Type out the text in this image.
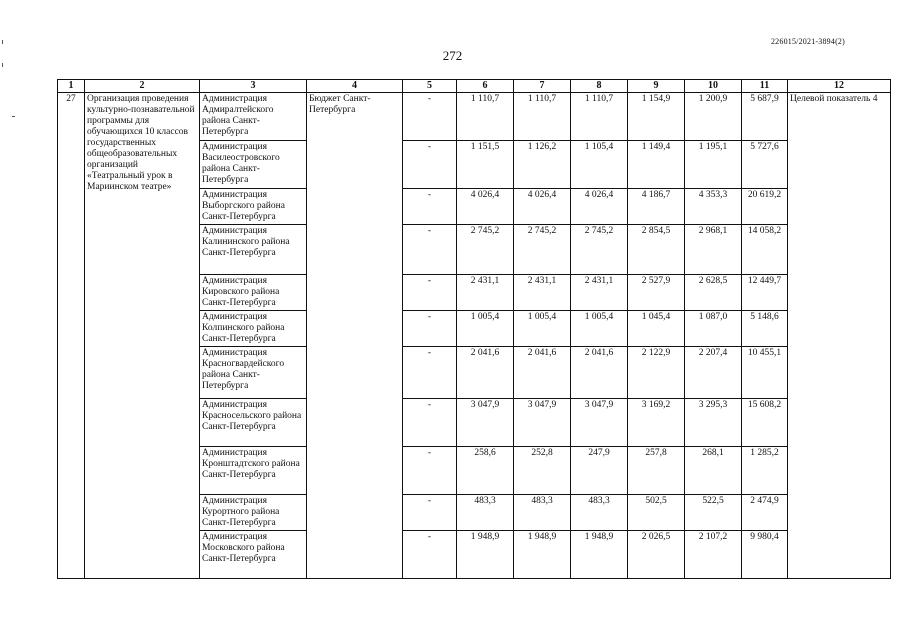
226015/2021-3894(2)
272
1	2	3	4	5	6	7	8	9	10	11	12
27	Организация проведения культурно-познавательной программы для обучающихся 10 классов государственных общеобразовательных организаций «Театральный урок в Мариинском театре»	Администрация Адмиралтейского района Санкт-Петербурга	Бюджет Санкт-Петербурга	-	1 110,7	1 110,7	1 110,7	1 154,9	1 200,9	5 687,9	Целевой показатель 4
		Администрация Василеостровского района Санкт-Петербурга		-	1 151,5	1 126,2	1 105,4	1 149,4	1 195,1	5 727,6	
		Администрация Выборгского района Санкт-Петербурга		-	4 026,4	4 026,4	4 026,4	4 186,7	4 353,3	20 619,2	
		Администрация Калининского района Санкт-Петербурга		-	2 745,2	2 745,2	2 745,2	2 854,5	2 968,1	14 058,2	
		Администрация Кировского района Санкт-Петербурга		-	2 431,1	2 431,1	2 431,1	2 527,9	2 628,5	12 449,7	
		Администрация Колпинского района Санкт-Петербурга		-	1 005,4	1 005,4	1 005,4	1 045,4	1 087,0	5 148,6	
		Администрация Красногвардейского района Санкт-Петербурга		-	2 041,6	2 041,6	2 041,6	2 122,9	2 207,4	10 455,1	
		Администрация Красносельского района Санкт-Петербурга		-	3 047,9	3 047,9	3 047,9	3 169,2	3 295,3	15 608,2	
		Администрация Кронштадтского района Санкт-Петербурга		-	258,6	252,8	247,9	257,8	268,1	1 285,2	
		Администрация Курортного района Санкт-Петербурга		-	483,3	483,3	483,3	502,5	522,5	2 474,9	
		Администрация Московского района Санкт-Петербурга		-	1 948,9	1 948,9	1 948,9	2 026,5	2 107,2	9 980,4	
